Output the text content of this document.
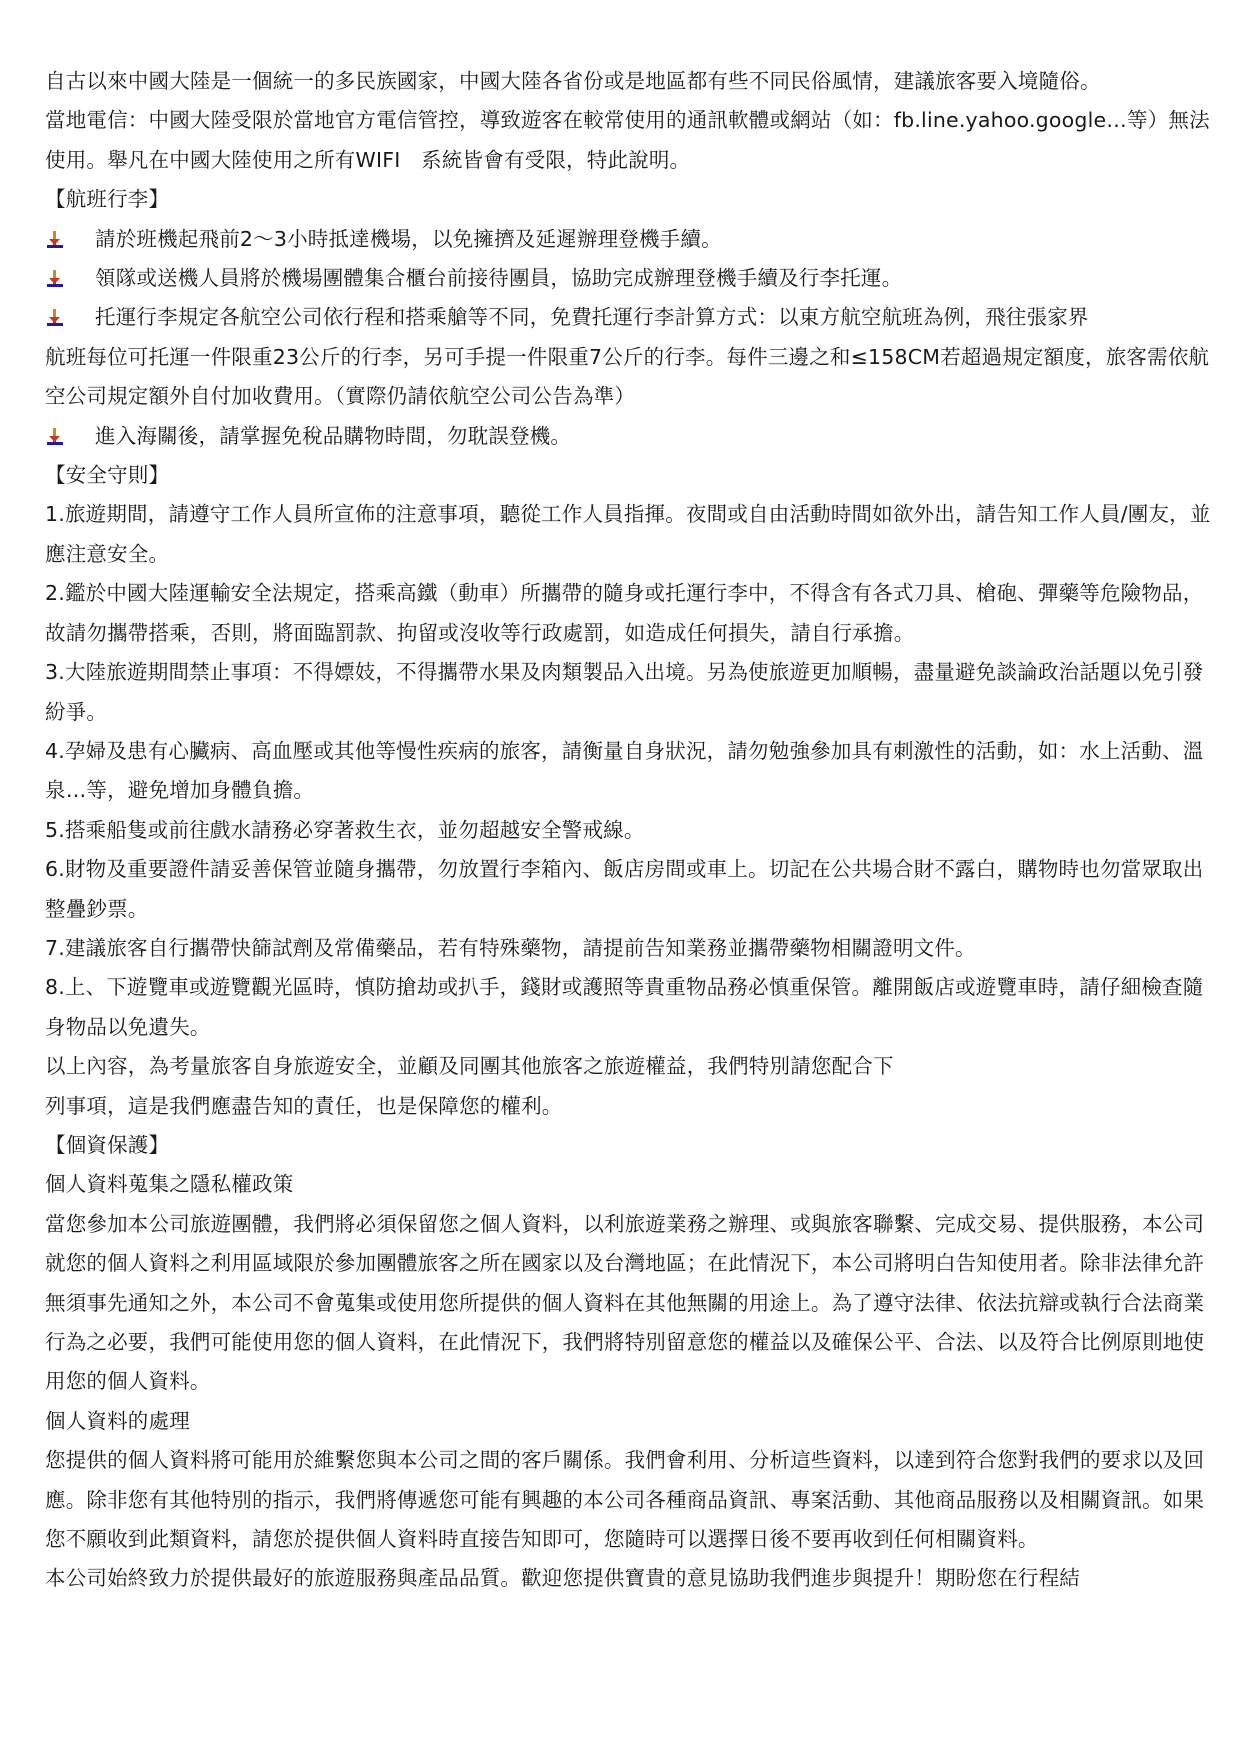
自古以來中國大陸是一個統一的多民族國家，中國大陸各省份或是地區都有些不同民俗風情，建議旅客要入境隨俗。

當地電信：中國大陸受限於當地官方電信管控，導致遊客在較常使用的通訊軟體或網站（如：fb.line.yahoo.google…等）無法使用。舉凡在中國大陸使用之所有WIFI　系統皆會有受限，特此說明。

【航班行李】

請於班機起飛前2～3小時抵達機場，以免擁擠及延遲辦理登機手續。
領隊或送機人員將於機場團體集合櫃台前接待團員，協助完成辦理登機手續及行李托運。
托運行李規定各航空公司依行程和搭乘艙等不同，免費托運行李計算方式：以東方航空航班為例，飛往張家界

航班每位可托運一件限重23公斤的行李，另可手提一件限重7公斤的行李。每件三邊之和≤158CM若超過規定額度，旅客需依航空公司規定額外自付加收費用。（實際仍請依航空公司公告為準）

進入海關後，請掌握免稅品購物時間，勿耽誤登機。

【安全守則】

1.旅遊期間，請遵守工作人員所宣佈的注意事項，聽從工作人員指揮。夜間或自由活動時間如欲外出，請告知工作人員/團友，並應注意安全。

2.鑑於中國大陸運輸安全法規定，搭乘高鐵（動車）所攜帶的隨身或托運行李中，不得含有各式刀具、槍砲、彈藥等危險物品，故請勿攜帶搭乘，否則，將面臨罰款、拘留或沒收等行政處罰，如造成任何損失，請自行承擔。

3.大陸旅遊期間禁止事項：不得嫖妓，不得攜帶水果及肉類製品入出境。另為使旅遊更加順暢，盡量避免談論政治話題以免引發紛爭。

4.孕婦及患有心臟病、高血壓或其他等慢性疾病的旅客，請衡量自身狀況，請勿勉強參加具有刺激性的活動，如：水上活動、溫泉…等，避免增加身體負擔。

5.搭乘船隻或前往戲水請務必穿著救生衣，並勿超越安全警戒線。

6.財物及重要證件請妥善保管並隨身攜帶，勿放置行李箱內、飯店房間或車上。切記在公共場合財不露白，購物時也勿當眾取出整疊鈔票。

7.建議旅客自行攜帶快篩試劑及常備藥品，若有特殊藥物，請提前告知業務並攜帶藥物相關證明文件。

8.上、下遊覽車或遊覽觀光區時，慎防搶劫或扒手，錢財或護照等貴重物品務必慎重保管。離開飯店或遊覽車時，請仔細檢查隨身物品以免遺失。

以上內容，為考量旅客自身旅遊安全，並顧及同團其他旅客之旅遊權益，我們特別請您配合下

列事項，這是我們應盡告知的責任，也是保障您的權利。

【個資保護】

個人資料蒐集之隱私權政策

當您參加本公司旅遊團體，我們將必須保留您之個人資料，以利旅遊業務之辦理、或與旅客聯繫、完成交易、提供服務，本公司就您的個人資料之利用區域限於參加團體旅客之所在國家以及台灣地區；在此情況下，本公司將明白告知使用者。除非法律允許無須事先通知之外，本公司不會蒐集或使用您所提供的個人資料在其他無關的用途上。為了遵守法律、依法抗辯或執行合法商業行為之必要，我們可能使用您的個人資料，在此情況下，我們將特別留意您的權益以及確保公平、合法、以及符合比例原則地使用您的個人資料。

個人資料的處理

您提供的個人資料將可能用於維繫您與本公司之間的客戶關係。我們會利用、分析這些資料，以達到符合您對我們的要求以及回應。除非您有其他特別的指示，我們將傳遞您可能有興趣的本公司各種商品資訊、專案活動、其他商品服務以及相關資訊。如果您不願收到此類資料，請您於提供個人資料時直接告知即可，您隨時可以選擇日後不要再收到任何相關資料。

本公司始終致力於提供最好的旅遊服務與產品品質。歡迎您提供寶貴的意見協助我們進步與提升！期盼您在行程結
